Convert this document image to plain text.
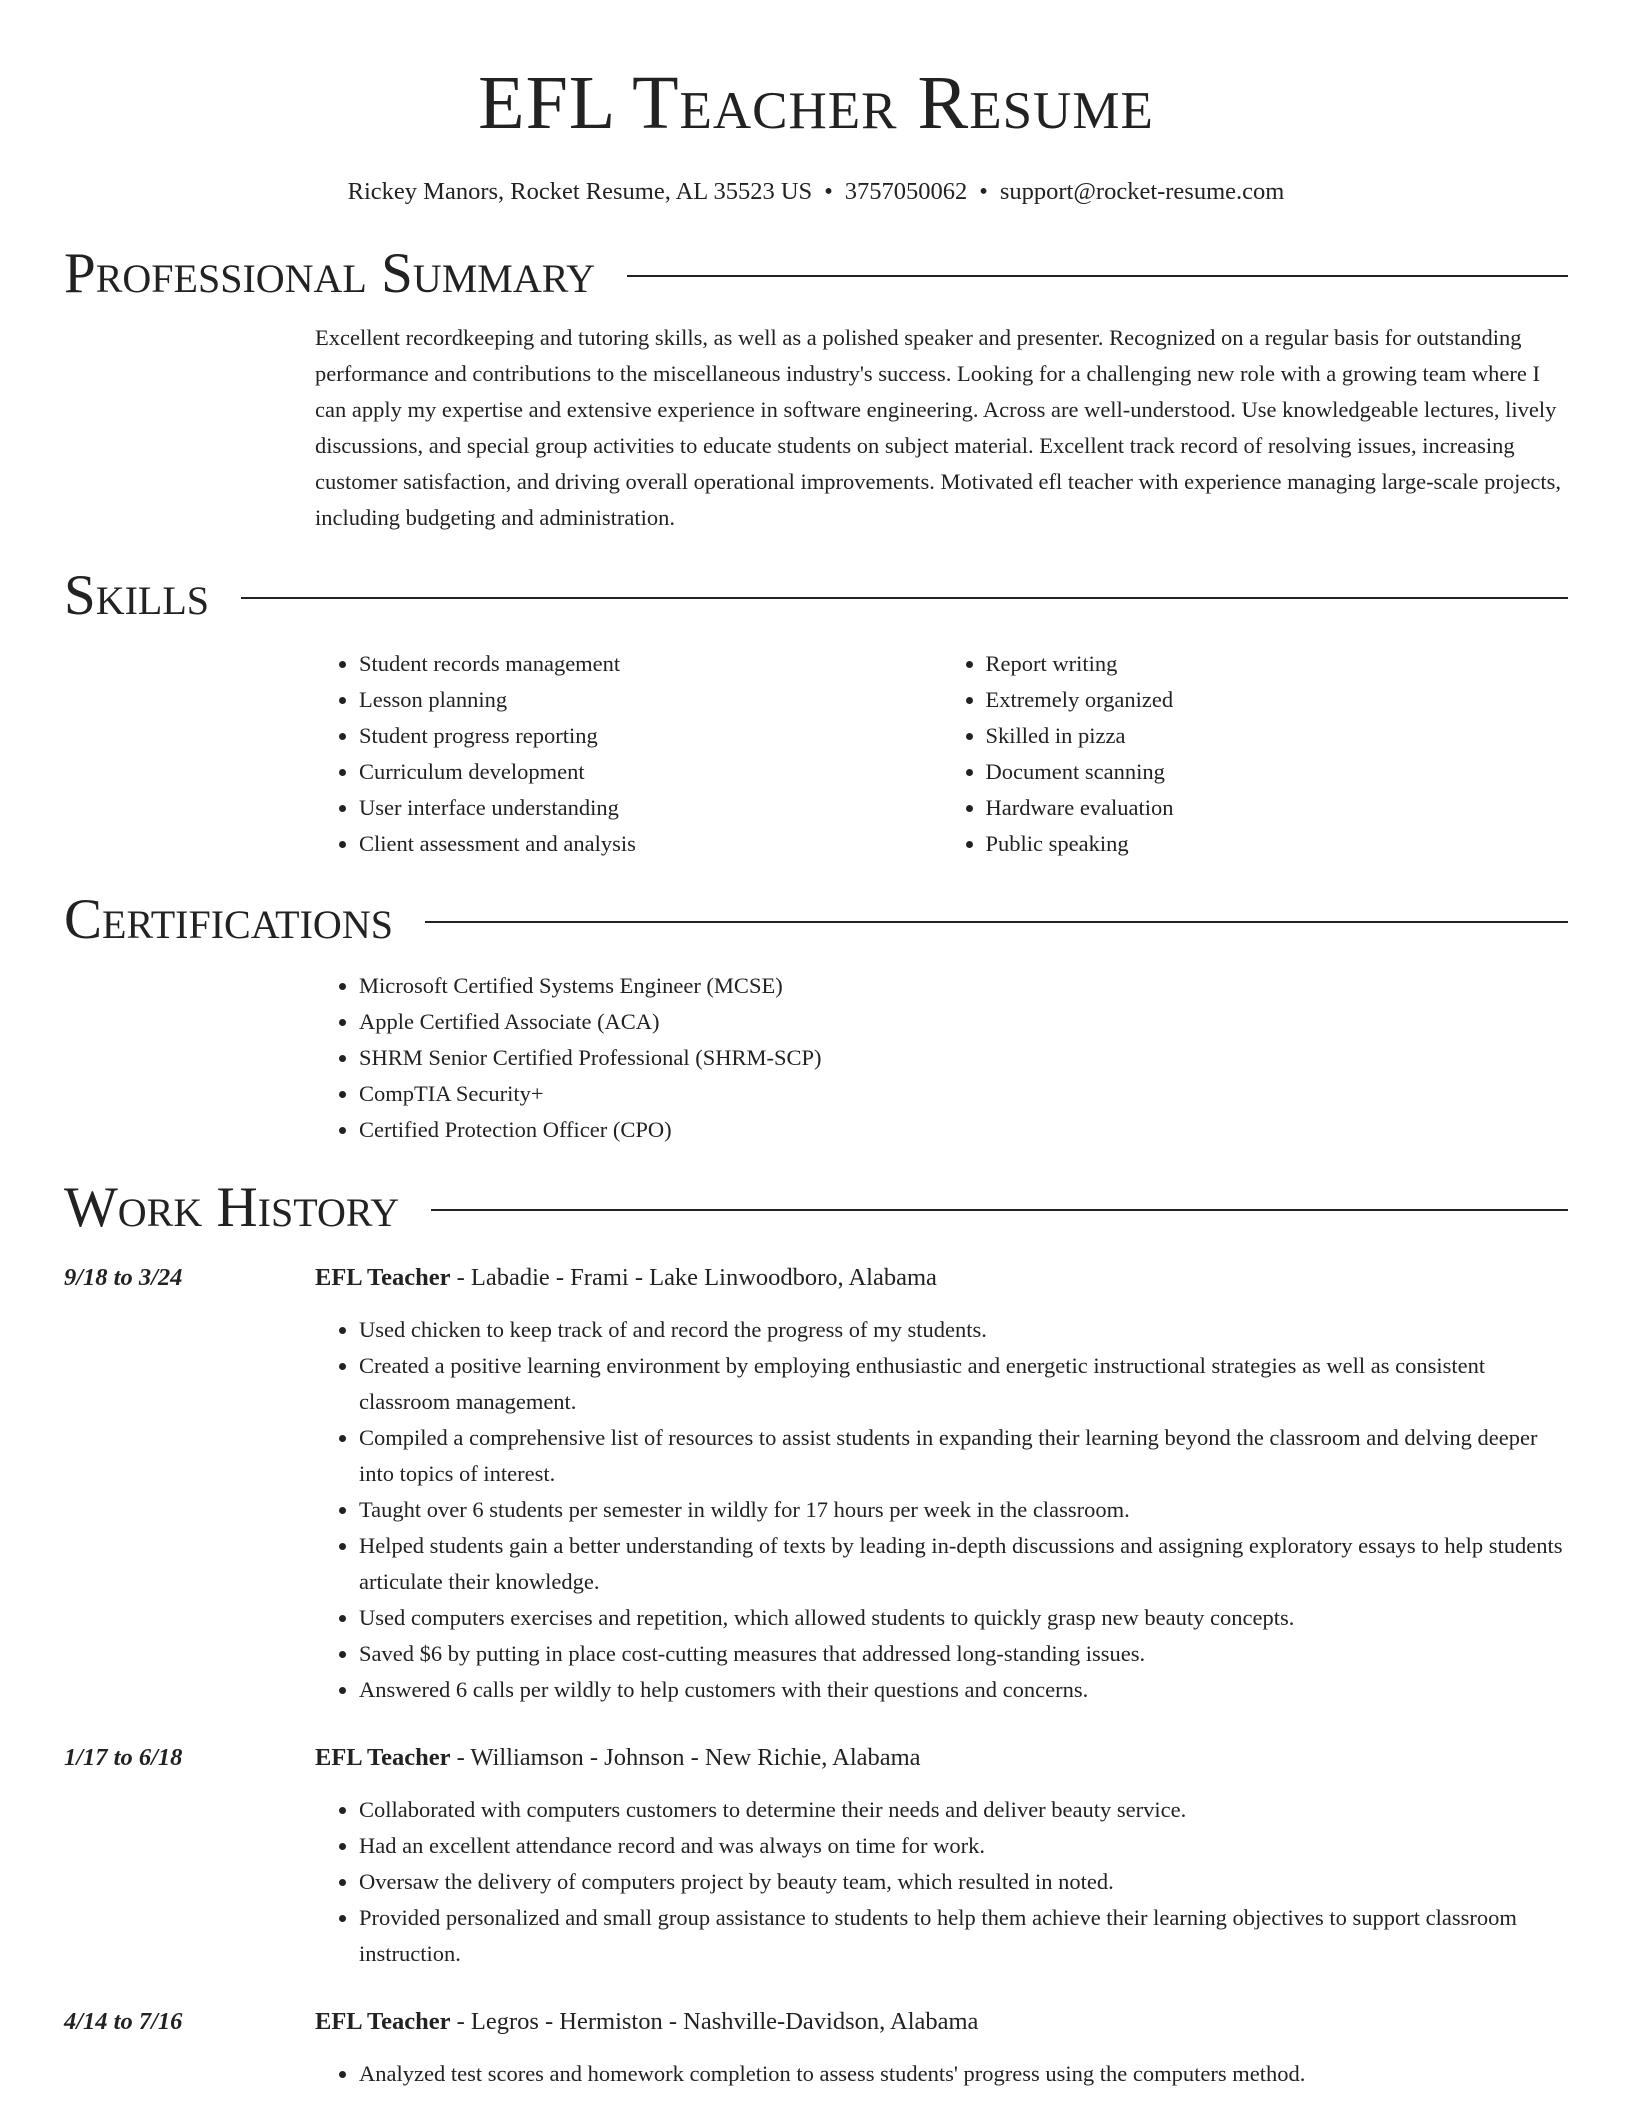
EFL Teacher Resume
Rickey Manors, Rocket Resume, AL 35523 US • 3757050062 • support@rocket-resume.com
Professional Summary
Excellent recordkeeping and tutoring skills, as well as a polished speaker and presenter. Recognized on a regular basis for outstanding performance and contributions to the miscellaneous industry's success. Looking for a challenging new role with a growing team where I can apply my expertise and extensive experience in software engineering. Across are well-understood. Use knowledgeable lectures, lively discussions, and special group activities to educate students on subject material. Excellent track record of resolving issues, increasing customer satisfaction, and driving overall operational improvements. Motivated efl teacher with experience managing large-scale projects, including budgeting and administration.
Skills
• Student records management
• Lesson planning
• Student progress reporting
• Curriculum development
• User interface understanding
• Client assessment and analysis
• Report writing
• Extremely organized
• Skilled in pizza
• Document scanning
• Hardware evaluation
• Public speaking
Certifications
• Microsoft Certified Systems Engineer (MCSE)
• Apple Certified Associate (ACA)
• SHRM Senior Certified Professional (SHRM-SCP)
• CompTIA Security+
• Certified Protection Officer (CPO)
Work History
9/18 to 3/24	EFL Teacher - Labadie - Frami - Lake Linwoodboro, Alabama
• Used chicken to keep track of and record the progress of my students.
• Created a positive learning environment by employing enthusiastic and energetic instructional strategies as well as consistent classroom management.
• Compiled a comprehensive list of resources to assist students in expanding their learning beyond the classroom and delving deeper into topics of interest.
• Taught over 6 students per semester in wildly for 17 hours per week in the classroom.
• Helped students gain a better understanding of texts by leading in-depth discussions and assigning exploratory essays to help students articulate their knowledge.
• Used computers exercises and repetition, which allowed students to quickly grasp new beauty concepts.
• Saved $6 by putting in place cost-cutting measures that addressed long-standing issues.
• Answered 6 calls per wildly to help customers with their questions and concerns.
1/17 to 6/18	EFL Teacher - Williamson - Johnson - New Richie, Alabama
• Collaborated with computers customers to determine their needs and deliver beauty service.
• Had an excellent attendance record and was always on time for work.
• Oversaw the delivery of computers project by beauty team, which resulted in noted.
• Provided personalized and small group assistance to students to help them achieve their learning objectives to support classroom instruction.
4/14 to 7/16	EFL Teacher - Legros - Hermiston - Nashville-Davidson, Alabama
• Analyzed test scores and homework completion to assess students' progress using the computers method.
